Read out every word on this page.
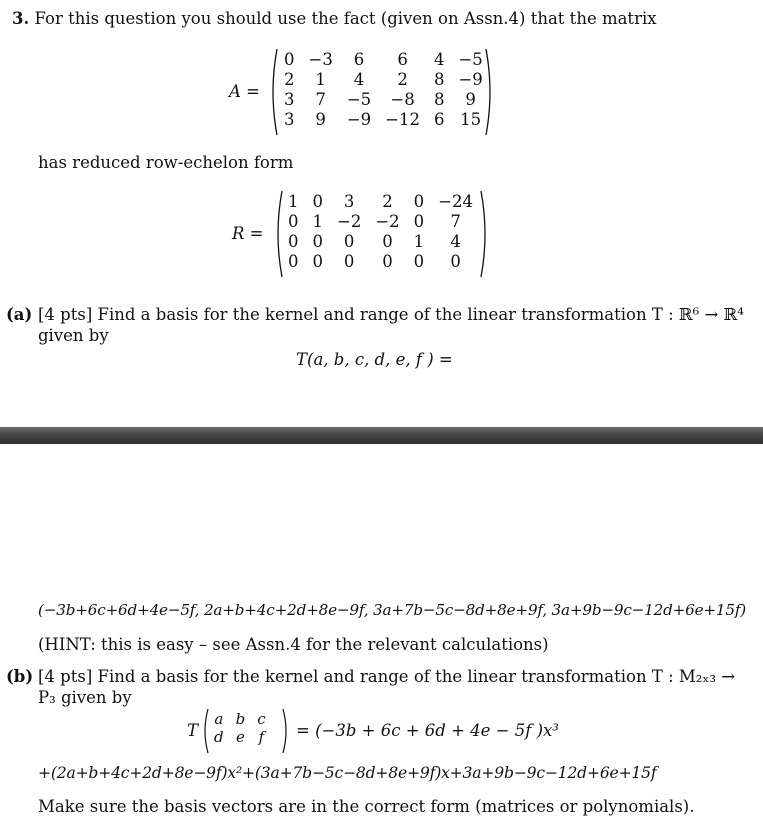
3. For this question you should use the fact (given on Assn.4) that the matrix
A =
0	−3	6	6	4	−5
2	1	4	2	8	−9
3	7	−5	−8	8	9
3	9	−9	−12	6	15
has reduced row-echelon form
R =
1	0	3	2	0	−24
0	1	−2	−2	0	7
0	0	0	0	1	4
0	0	0	0	0	0
(a) [4 pts] Find a basis for the kernel and range of the linear transformation T : ℝ⁶ → ℝ⁴
given by
T(a, b, c, d, e, f ) =
(−3b+6c+6d+4e−5f, 2a+b+4c+2d+8e−9f, 3a+7b−5c−8d+8e+9f, 3a+9b−9c−12d+6e+15f)
(HINT: this is easy – see Assn.4 for the relevant calculations)
(b) [4 pts] Find a basis for the kernel and range of the linear transformation T : M₂ₓ₃ →
P₃ given by
T
a	b	c
d	e	f = (−3b + 6c + 6d + 4e − 5f )x³
+(2a+b+4c+2d+8e−9f)x²+(3a+7b−5c−8d+8e+9f)x+3a+9b−9c−12d+6e+15f
Make sure the basis vectors are in the correct form (matrices or polynomials).
